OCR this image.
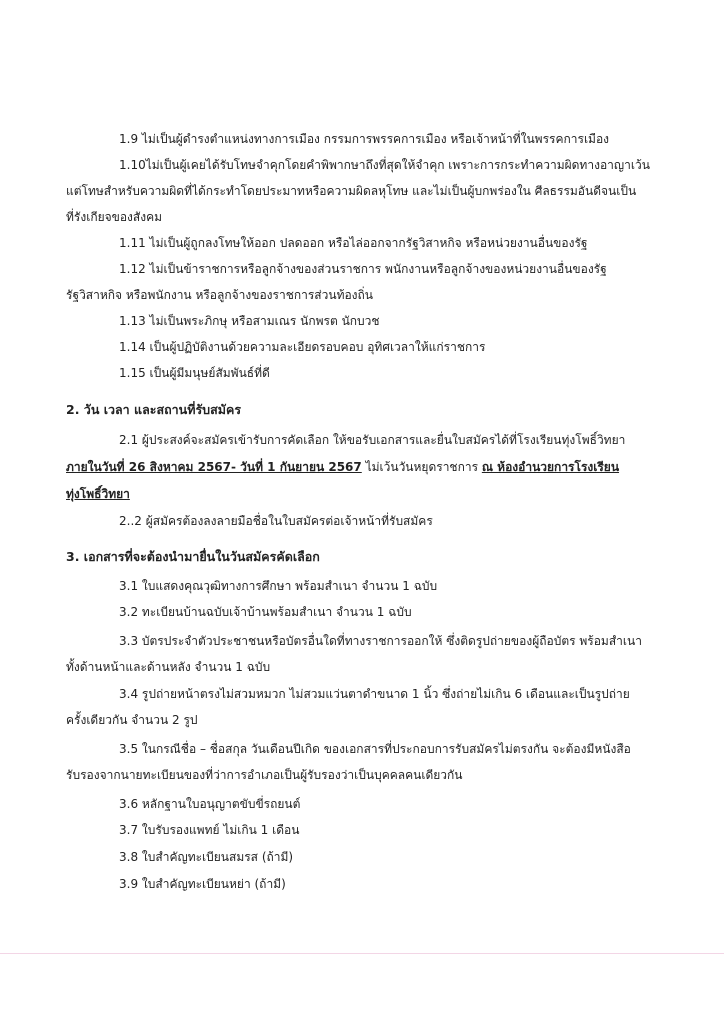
1.9 ไม่เป็นผู้ดำรงตำแหน่งทางการเมือง กรรมการพรรคการเมือง หรือเจ้าหน้าที่ในพรรคการเมือง
1.10ไม่เป็นผู้เคยได้รับโทษจำคุกโดยคำพิพากษาถึงที่สุดให้จำคุก เพราะการกระทำความผิดทางอาญาเว้น
แต่โทษสำหรับความผิดที่ได้กระทำโดยประมาทหรือความผิดลหุโทษ และไม่เป็นผู้บกพร่องใน ศีลธรรมอันดีจนเป็น
ที่รังเกียจของสังคม
1.11 ไม่เป็นผู้ถูกลงโทษให้ออก ปลดออก หรือไล่ออกจากรัฐวิสาหกิจ หรือหน่วยงานอื่นของรัฐ
1.12 ไม่เป็นข้าราชการหรือลูกจ้างของส่วนราชการ พนักงานหรือลูกจ้างของหน่วยงานอื่นของรัฐ
รัฐวิสาหกิจ หรือพนักงาน หรือลูกจ้างของราชการส่วนท้องถิ่น
1.13 ไม่เป็นพระภิกษุ หรือสามเณร นักพรต นักบวช
1.14 เป็นผู้ปฏิบัติงานด้วยความละเอียดรอบคอบ อุทิศเวลาให้แก่ราชการ
1.15 เป็นผู้มีมนุษย์สัมพันธ์ที่ดี
2. วัน เวลา และสถานที่รับสมัคร
2.1 ผู้ประสงค์จะสมัครเข้ารับการคัดเลือก ให้ขอรับเอกสารและยื่นใบสมัครได้ที่โรงเรียนทุ่งโพธิ์วิทยา
ภายในวันที่ 26 สิงหาคม 2567- วันที่ 1 กันยายน 2567 ไม่เว้นวันหยุดราชการ ณ ห้องอำนวยการโรงเรียน
ทุ่งโพธิ์วิทยา
2..2 ผู้สมัครต้องลงลายมือชื่อในใบสมัครต่อเจ้าหน้าที่รับสมัคร
3. เอกสารที่จะต้องนำมายื่นในวันสมัครคัดเลือก
3.1 ใบแสดงคุณวุฒิทางการศึกษา พร้อมสำเนา จำนวน 1 ฉบับ
3.2 ทะเบียนบ้านฉบับเจ้าบ้านพร้อมสำเนา จำนวน 1 ฉบับ
3.3 บัตรประจำตัวประชาชนหรือบัตรอื่นใดที่ทางราชการออกให้ ซึ่งติดรูปถ่ายของผู้ถือบัตร พร้อมสำเนา
ทั้งด้านหน้าและด้านหลัง จำนวน 1 ฉบับ
3.4 รูปถ่ายหน้าตรงไม่สวมหมวก ไม่สวมแว่นตาดำขนาด 1 นิ้ว ซึ่งถ่ายไม่เกิน 6 เดือนและเป็นรูปถ่าย
ครั้งเดียวกัน จำนวน 2 รูป
3.5 ในกรณีชื่อ – ชื่อสกุล วันเดือนปีเกิด ของเอกสารที่ประกอบการรับสมัครไม่ตรงกัน จะต้องมีหนังสือ
รับรองจากนายทะเบียนของที่ว่าการอำเภอเป็นผู้รับรองว่าเป็นบุคคลคนเดียวกัน
3.6 หลักฐานใบอนุญาตขับขี่รถยนต์
3.7 ใบรับรองแพทย์ ไม่เกิน 1 เดือน
3.8 ใบสำคัญทะเบียนสมรส (ถ้ามี)
3.9 ใบสำคัญทะเบียนหย่า (ถ้ามี)
